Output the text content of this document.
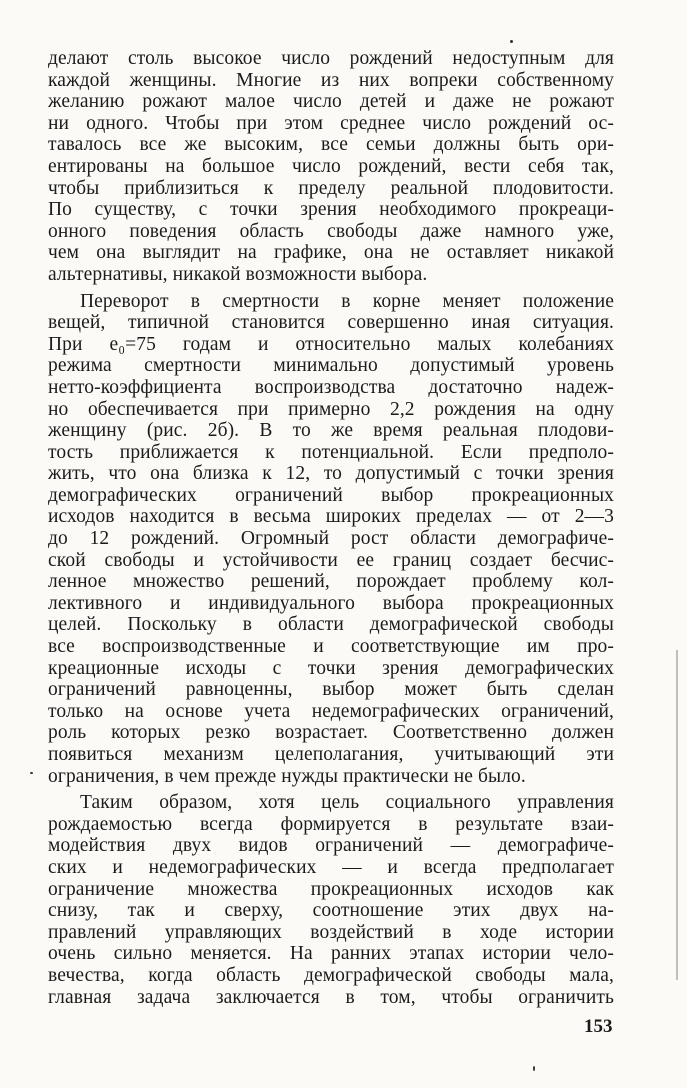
делают столь высокое число рождений недоступным для
каждой женщины. Многие из них вопреки собственному
желанию рожают малое число детей и даже не рожают
ни одного. Чтобы при этом среднее число рождений ос-
тавалось все же высоким, все семьи должны быть ори-
ентированы на большое число рождений, вести себя так,
чтобы приблизиться к пределу реальной плодовитости.
По существу, с точки зрения необходимого прокреаци-
онного поведения область свободы даже намного уже,
чем она выглядит на графике, она не оставляет никакой
альтернативы, никакой возможности выбора.
Переворот в смертности в корне меняет положение
вещей, типичной становится совершенно иная ситуация.
При e₀=75 годам и относительно малых колебаниях
режима смертности минимально допустимый уровень
нетто-коэффициента воспроизводства достаточно надеж-
но обеспечивается при примерно 2,2 рождения на одну
женщину (рис. 2б). В то же время реальная плодови-
тость приближается к потенциальной. Если предполо-
жить, что она близка к 12, то допустимый с точки зрения
демографических ограничений выбор прокреационных
исходов находится в весьма широких пределах — от 2—3
до 12 рождений. Огромный рост области демографиче-
ской свободы и устойчивости ее границ создает бесчис-
ленное множество решений, порождает проблему кол-
лективного и индивидуального выбора прокреационных
целей. Поскольку в области демографической свободы
все воспроизводственные и соответствующие им про-
креационные исходы с точки зрения демографических
ограничений равноценны, выбор может быть сделан
только на основе учета недемографических ограничений,
роль которых резко возрастает. Соответственно должен
появиться механизм целеполагания, учитывающий эти
ограничения, в чем прежде нужды практически не было.
Таким образом, хотя цель социального управления
рождаемостью всегда формируется в результате взаи-
модействия двух видов ограничений — демографиче-
ских и недемографических — и всегда предполагает
ограничение множества прокреационных исходов как
снизу, так и сверху, соотношение этих двух на-
правлений управляющих воздействий в ходе истории
очень сильно меняется. На ранних этапах истории чело-
вечества, когда область демографической свободы мала,
главная задача заключается в том, чтобы ограничить
153
